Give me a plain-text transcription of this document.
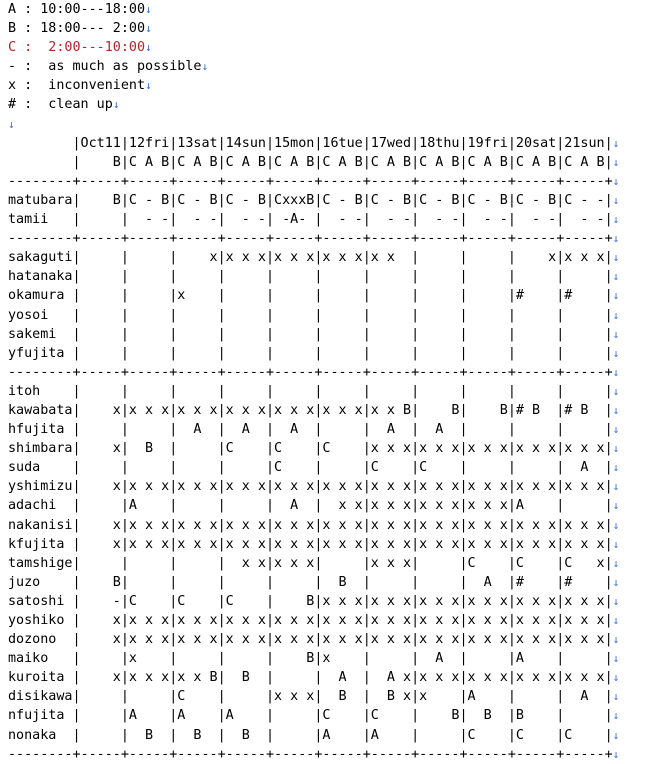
A : 10:00---18:00↓
B : 18:00--- 2:00↓
C :  2:00---10:00↓
- :  as much as possible↓
x :  inconvenient↓
# :  clean up↓
↓
|Oct11|12fri|13sat|14sun|15mon|16tue|17wed|18thu|19fri|20sat|21sun|↓
|    B|C A B|C A B|C A B|C A B|C A B|C A B|C A B|C A B|C A B|C A B|↓
--------+-----+-----+-----+-----+-----+-----+-----+-----+-----+-----+-----+↓
matubara|    B|C - B|C - B|C - B|CxxxB|C - B|C - B|C - B|C - B|C - B|C - -|↓
tamii   |     |  - -|  - -|  - -| -A- |  - -|  - -|  - -|  - -|  - -|  - -|↓
--------+-----+-----+-----+-----+-----+-----+-----+-----+-----+-----+-----+↓
sakaguti|     |     |    x|x x x|x x x|x x x|x x  |     |     |    x|x x x|↓
hatanaka|     |     |     |     |     |     |     |     |     |     |     |↓
okamura |     |     |x    |     |     |     |     |     |     |#    |#    |↓
yosoi   |     |     |     |     |     |     |     |     |     |     |     |↓
sakemi  |     |     |     |     |     |     |     |     |     |     |     |↓
yfujita |     |     |     |     |     |     |     |     |     |     |     |↓
--------+-----+-----+-----+-----+-----+-----+-----+-----+-----+-----+-----+↓
itoh    |     |     |     |     |     |     |     |     |     |     |     |↓
kawabata|    x|x x x|x x x|x x x|x x x|x x x|x x B|    B|    B|# B  |# B  |↓
hfujita |     |     |  A  |  A  |  A  |     |  A  |  A  |     |     |     |↓
shimbara|    x|  B  |     |C    |C    |C    |x x x|x x x|x x x|x x x|x x x|↓
suda    |     |     |     |     |C    |     |C    |C    |     |     |  A  |↓
yshimizu|    x|x x x|x x x|x x x|x x x|x x x|x x x|x x x|x x x|x x x|x x x|↓
adachi  |     |A    |     |     |  A  |  x x|x x x|x x x|x x x|A    |     |↓
nakanisi|    x|x x x|x x x|x x x|x x x|x x x|x x x|x x x|x x x|x x x|x x x|↓
kfujita |    x|x x x|x x x|x x x|x x x|x x x|x x x|x x x|x x x|x x x|x x x|↓
tamshige|     |     |     |  x x|x x x|     |x x x|     |C    |C    |C   x|↓
juzo    |    B|     |     |     |     |  B  |     |     |  A  |#    |#    |↓
satoshi |    -|C    |C    |C    |    B|x x x|x x x|x x x|x x x|x x x|x x x|↓
yoshiko |    x|x x x|x x x|x x x|x x x|x x x|x x x|x x x|x x x|x x x|x x x|↓
dozono  |    x|x x x|x x x|x x x|x x x|x x x|x x x|x x x|x x x|x x x|x x x|↓
maiko   |     |x    |     |     |    B|x    |     |  A  |     |A    |     |↓
kuroita |    x|x x x|x x B|  B  |     |  A  |  A x|x x x|x x x|x x x|x x x|↓
disikawa|     |     |C    |     |x x x|  B  |  B x|x    |A    |     |  A  |↓
nfujita |     |A    |A    |A    |     |C    |C    |    B|  B  |B    |     |↓
nonaka  |     |  B  |  B  |  B  |     |A    |A    |     |C    |C    |C    |↓
--------+-----+-----+-----+-----+-----+-----+-----+-----+-----+-----+-----+↓
